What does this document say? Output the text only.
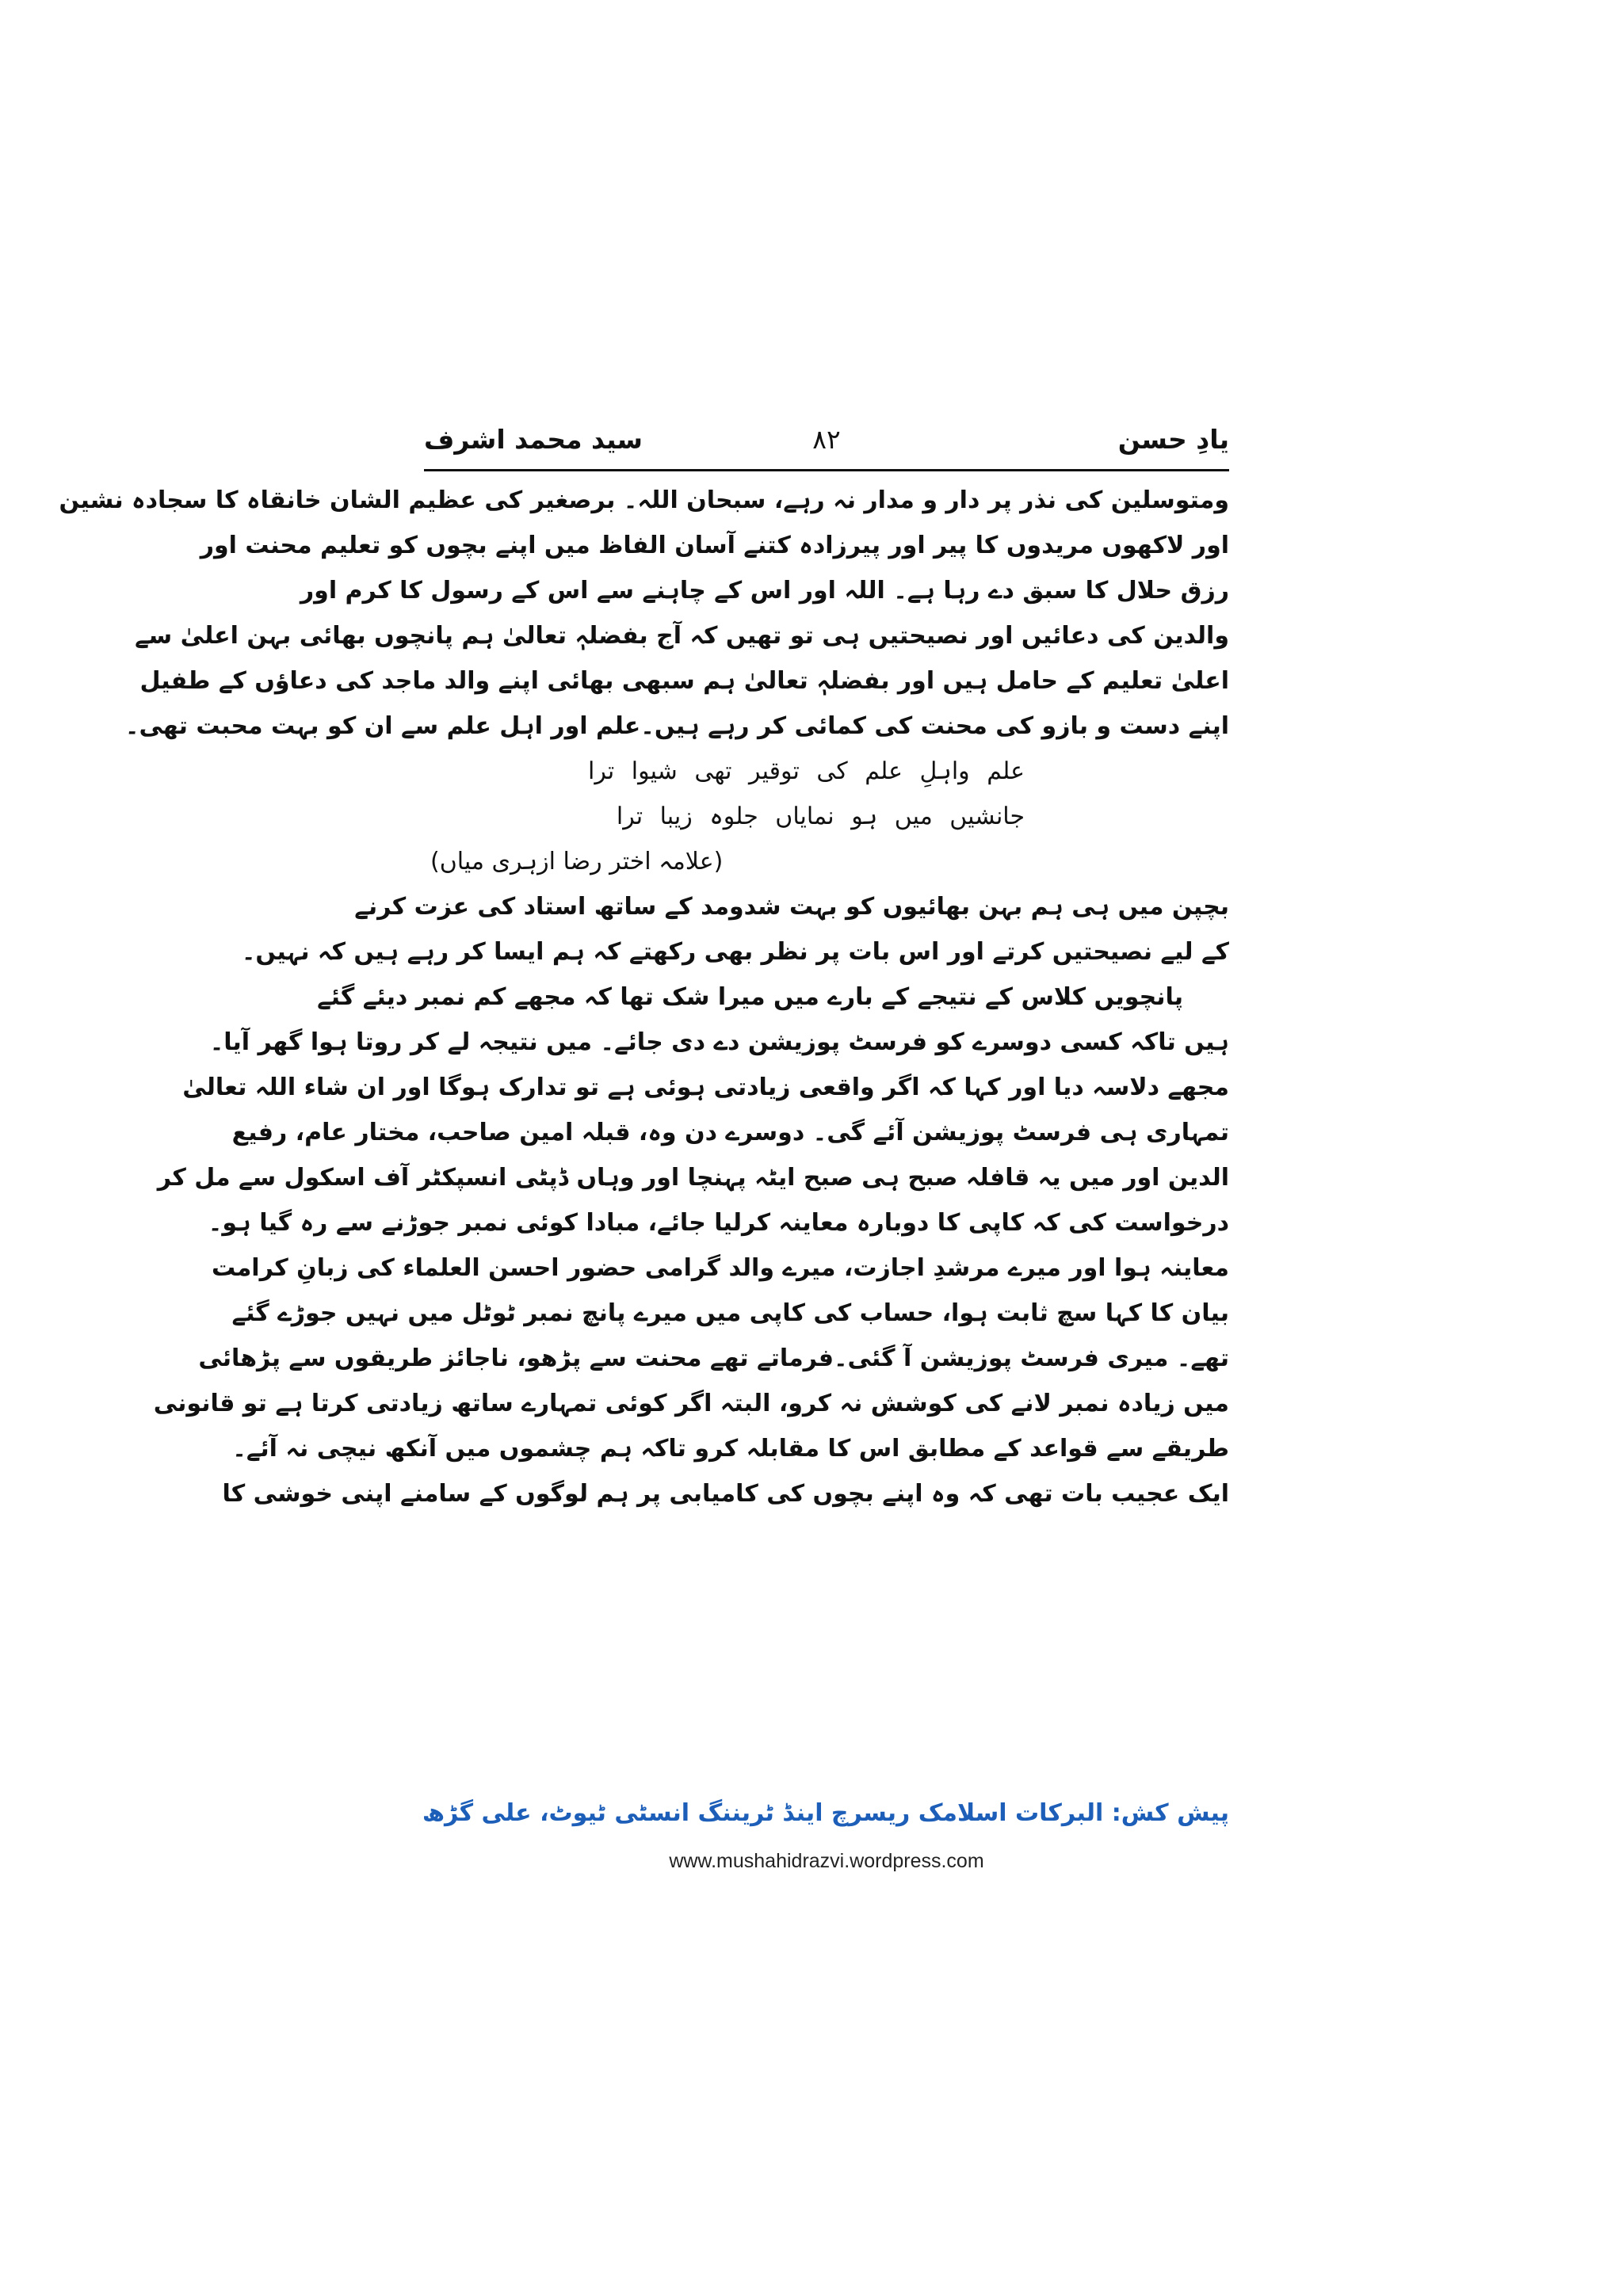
یادِ حسن
۸۲
سید محمد اشرف
ومتوسلین کی نذر پر دار و مدار نہ رہے، سبحان اللہ۔ برصغیر کی عظیم الشان خانقاہ کا سجادہ نشین
اور لاکھوں مریدوں کا پیر اور پیرزادہ کتنے آسان الفاظ میں اپنے بچوں کو تعلیم محنت اور
رزق حلال کا سبق دے رہا ہے۔ اللہ اور اس کے چاہنے سے اس کے رسول کا کرم اور
والدین کی دعائیں اور نصیحتیں ہی تو تھیں کہ آج بفضلہٖ تعالیٰ ہم پانچوں بھائی بہن اعلیٰ سے
اعلیٰ تعلیم کے حامل ہیں اور بفضلہٖ تعالیٰ ہم سبھی بھائی اپنے والد ماجد کی دعاؤں کے طفیل
اپنے دست و بازو کی محنت کی کمائی کر رہے ہیں۔علم اور اہل علم سے ان کو بہت محبت تھی۔
علم واہلِ علم کی توقیر تھی شیوا ترا
جانشیں میں ہو نمایاں جلوہ زیبا ترا
(علامہ اختر رضا ازہری میاں)
بچپن میں ہی ہم بہن بھائیوں کو بہت شدومد کے ساتھ استاد کی عزت کرنے
کے لیے نصیحتیں کرتے اور اس بات پر نظر بھی رکھتے کہ ہم ایسا کر رہے ہیں کہ نہیں۔
پانچویں کلاس کے نتیجے کے بارے میں میرا شک تھا کہ مجھے کم نمبر دیئے گئے
ہیں تاکہ کسی دوسرے کو فرسٹ پوزیشن دے دی جائے۔ میں نتیجہ لے کر روتا ہوا گھر آیا۔
مجھے دلاسہ دیا اور کہا کہ اگر واقعی زیادتی ہوئی ہے تو تدارک ہوگا اور ان شاء اللہ تعالیٰ
تمہاری ہی فرسٹ پوزیشن آئے گی۔ دوسرے دن وہ، قبلہ امین صاحب، مختار عام، رفیع
الدین اور میں یہ قافلہ صبح ہی صبح ایٹہ پہنچا اور وہاں ڈپٹی انسپکٹر آف اسکول سے مل کر
درخواست کی کہ کاپی کا دوبارہ معاینہ کرلیا جائے، مبادا کوئی نمبر جوڑنے سے رہ گیا ہو۔
معاینہ ہوا اور میرے مرشدِ اجازت، میرے والد گرامی حضور احسن العلماء کی زبانِ کرامت
بیان کا کہا سچ ثابت ہوا، حساب کی کاپی میں میرے پانچ نمبر ٹوٹل میں نہیں جوڑے گئے
تھے۔ میری فرسٹ پوزیشن آ گئی۔فرماتے تھے محنت سے پڑھو، ناجائز طریقوں سے پڑھائی
میں زیادہ نمبر لانے کی کوشش نہ کرو، البتہ اگر کوئی تمہارے ساتھ زیادتی کرتا ہے تو قانونی
طریقے سے قواعد کے مطابق اس کا مقابلہ کرو تاکہ ہم چشموں میں آنکھ نیچی نہ آئے۔
ایک عجیب بات تھی کہ وہ اپنے بچوں کی کامیابی پر ہم لوگوں کے سامنے اپنی خوشی کا
پیش کش: البرکات اسلامک ریسرچ اینڈ ٹریننگ انسٹی ٹیوٹ، علی گڑھ
www.mushahidrazvi.wordpress.com
